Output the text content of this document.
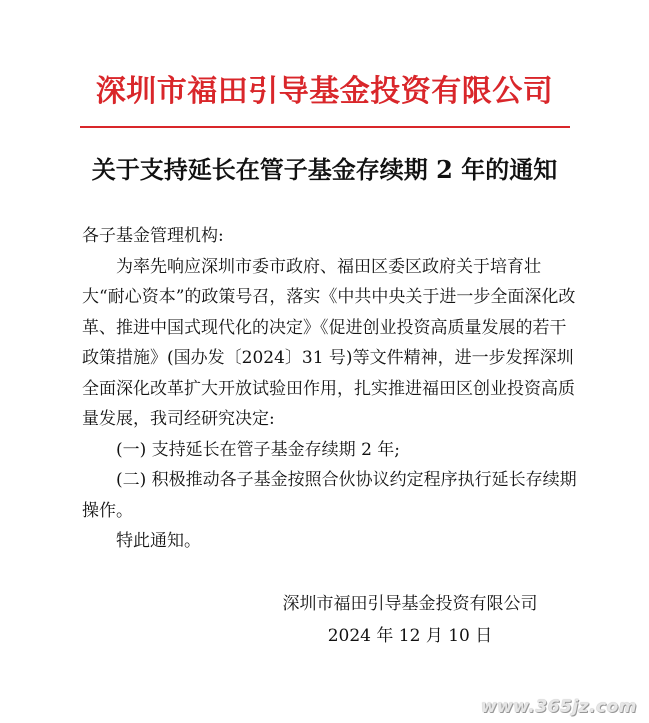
深圳市福田引导基金投资有限公司
关于支持延长在管子基金存续期 2 年的通知

各子基金管理机构:

为率先响应深圳市委市政府、福田区委区政府关于培育壮大“耐心资本”的政策号召，落实《中共中央关于进一步全面深化改革、推进中国式现代化的决定》《促进创业投资高质量发展的若干政策措施》(国办发〔2024〕31 号)等文件精神，进一步发挥深圳全面深化改革扩大开放试验田作用，扎实推进福田区创业投资高质量发展，我司经研究决定:

(一) 支持延长在管子基金存续期 2 年;

(二) 积极推动各子基金按照合伙协议约定程序执行延长存续期操作。

特此通知。

深圳市福田引导基金投资有限公司
2024 年 12 月 10 日
www.365jz.com
